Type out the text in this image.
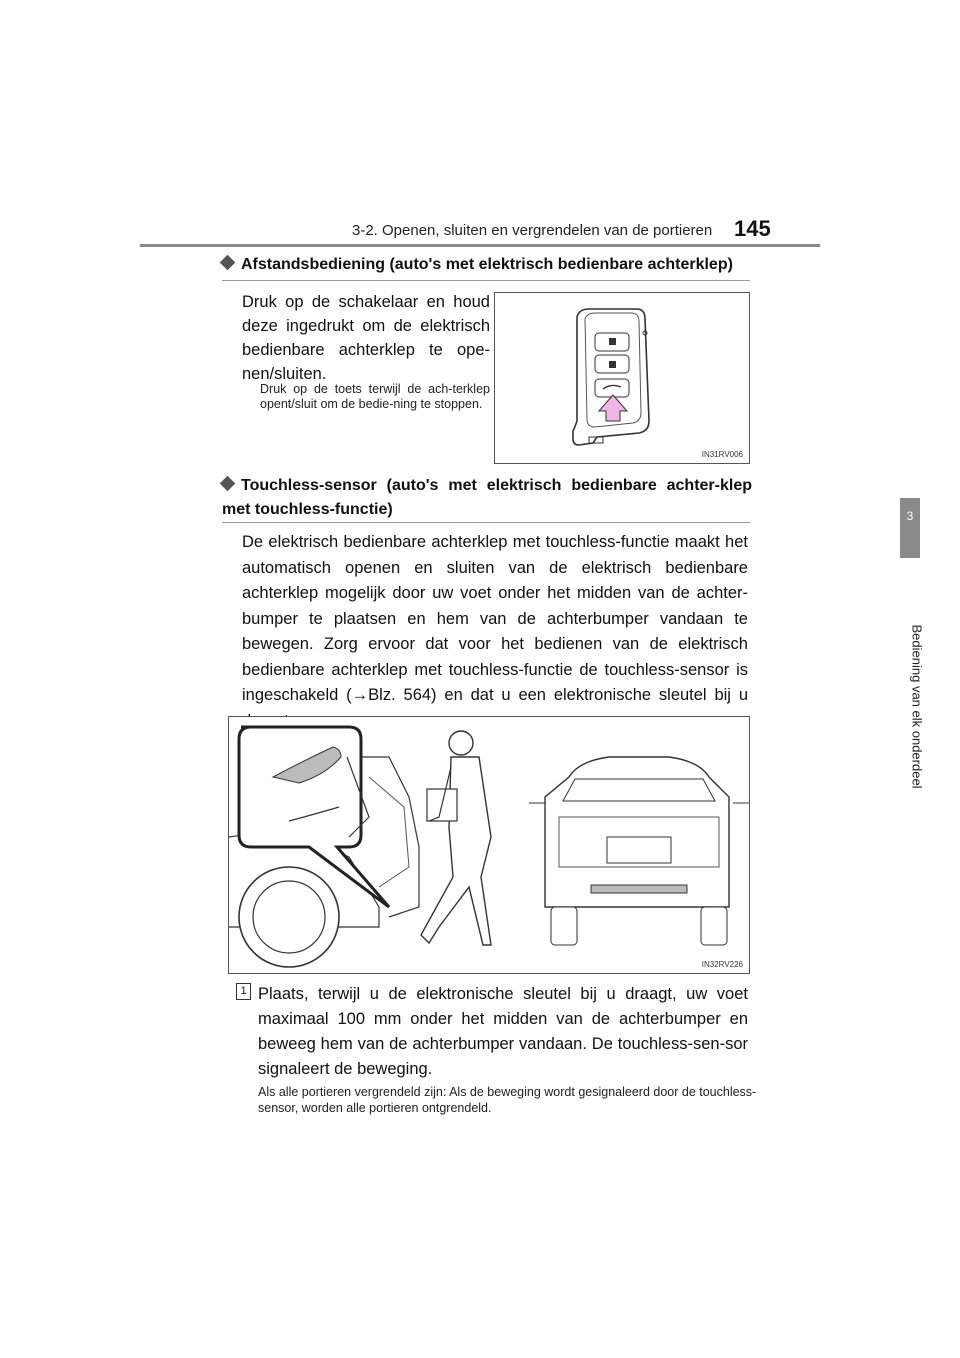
3-2. Openen, sluiten en vergrendelen van de portieren 145
3
Bediening van elk onderdeel
Afstandsbediening (auto's met elektrisch bedienbare achterklep)
Druk op de schakelaar en houd deze ingedrukt om de elektrisch bedienbare achterklep te ope-nen/sluiten.
Druk op de toets terwijl de ach-terklep opent/sluit om de bedie-ning te stoppen.
IN31RV006
Touchless-sensor (auto's met elektrisch bedienbare achter-klep met touchless-functie)
De elektrisch bedienbare achterklep met touchless-functie maakt het automatisch openen en sluiten van de elektrisch bedienbare achterklep mogelijk door uw voet onder het midden van de achter-bumper te plaatsen en hem van de achterbumper vandaan te bewegen. Zorg ervoor dat voor het bedienen van de elektrisch bedienbare achterklep met touchless-functie de touchless-sensor is ingeschakeld (→Blz. 564) en dat u een elektronische sleutel bij u
IN32RV226
1 Plaats, terwijl u de elektronische sleutel bij u draagt, uw voet maximaal 100 mm onder het midden van de achterbumper en beweeg hem van de achterbumper vandaan. De touchless-sen-sor signaleert de beweging.
Als alle portieren vergrendeld zijn: Als de beweging wordt gesignaleerd door de touchless-sensor, worden alle portieren ontgrendeld.
